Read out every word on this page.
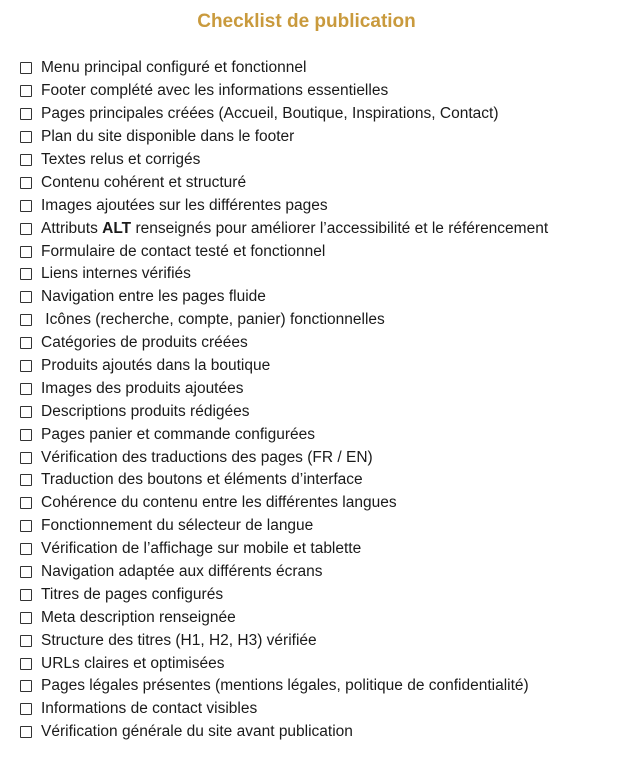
Checklist de publication
Menu principal configuré et fonctionnel
Footer complété avec les informations essentielles
Pages principales créées (Accueil, Boutique, Inspirations, Contact)
Plan du site disponible dans le footer
Textes relus et corrigés
Contenu cohérent et structuré
Images ajoutées sur les différentes pages
Attributs ALT renseignés pour améliorer l’accessibilité et le référencement
Formulaire de contact testé et fonctionnel
Liens internes vérifiés
Navigation entre les pages fluide
Icônes (recherche, compte, panier) fonctionnelles
Catégories de produits créées
Produits ajoutés dans la boutique
Images des produits ajoutées
Descriptions produits rédigées
Pages panier et commande configurées
Vérification des traductions des pages (FR / EN)
Traduction des boutons et éléments d’interface
Cohérence du contenu entre les différentes langues
Fonctionnement du sélecteur de langue
Vérification de l’affichage sur mobile et tablette
Navigation adaptée aux différents écrans
Titres de pages configurés
Meta description renseignée
Structure des titres (H1, H2, H3) vérifiée
URLs claires et optimisées
Pages légales présentes (mentions légales, politique de confidentialité)
Informations de contact visibles
Vérification générale du site avant publication
